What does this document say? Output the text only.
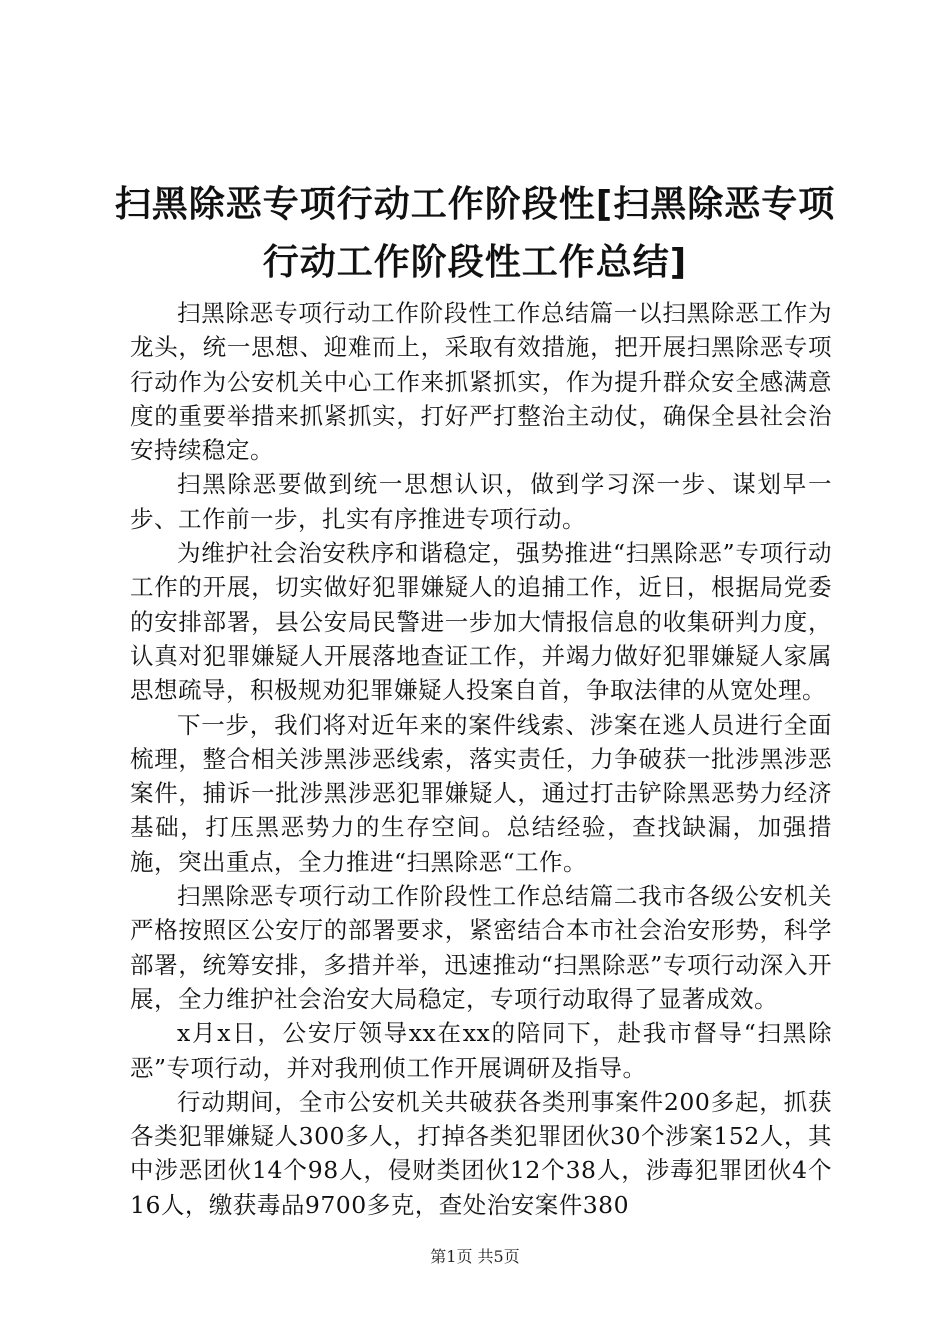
扫黑除恶专项行动工作阶段性[扫黑除恶专项
行动工作阶段性工作总结]

扫黑除恶专项行动工作阶段性工作总结篇一以扫黑除恶工作为龙头，统一思想、迎难而上，采取有效措施，把开展扫黑除恶专项行动作为公安机关中心工作来抓紧抓实，作为提升群众安全感满意度的重要举措来抓紧抓实，打好严打整治主动仗，确保全县社会治安持续稳定。

扫黑除恶要做到统一思想认识，做到学习深一步、谋划早一步、工作前一步，扎实有序推进专项行动。

为维护社会治安秩序和谐稳定，强势推进“扫黑除恶”专项行动工作的开展，切实做好犯罪嫌疑人的追捕工作，近日，根据局党委的安排部署，县公安局民警进一步加大情报信息的收集研判力度，认真对犯罪嫌疑人开展落地查证工作，并竭力做好犯罪嫌疑人家属思想疏导，积极规劝犯罪嫌疑人投案自首，争取法律的从宽处理。

下一步，我们将对近年来的案件线索、涉案在逃人员进行全面梳理，整合相关涉黑涉恶线索，落实责任，力争破获一批涉黑涉恶案件，捕诉一批涉黑涉恶犯罪嫌疑人，通过打击铲除黑恶势力经济基础，打压黑恶势力的生存空间。总结经验，查找缺漏，加强措施，突出重点，全力推进“扫黑除恶“工作。

扫黑除恶专项行动工作阶段性工作总结篇二我市各级公安机关严格按照区公安厅的部署要求，紧密结合本市社会治安形势，科学部署，统筹安排，多措并举，迅速推动“扫黑除恶”专项行动深入开展，全力维护社会治安大局稳定，专项行动取得了显著成效。

x月x日，公安厅领导xx在xx的陪同下，赴我市督导“扫黑除恶”专项行动，并对我刑侦工作开展调研及指导。

行动期间，全市公安机关共破获各类刑事案件200多起，抓获各类犯罪嫌疑人300多人，打掉各类犯罪团伙30个涉案152人，其中涉恶团伙14个98人，侵财类团伙12个38人，涉毒犯罪团伙4个16人，缴获毒品9700多克，查处治安案件380

第1页 共5页
